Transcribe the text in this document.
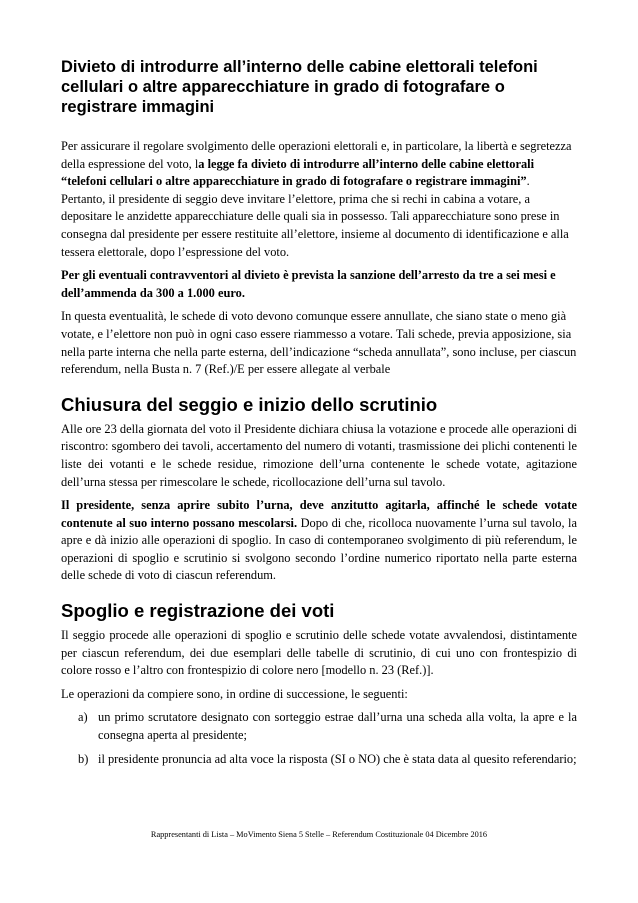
Divieto di introdurre all’interno delle cabine elettorali telefoni cellulari o altre apparecchiature in grado di fotografare o registrare immagini

Per assicurare il regolare svolgimento delle operazioni elettorali e, in particolare, la libertà e segretezza della espressione del voto, la legge fa divieto di introdurre all’interno delle cabine elettorali “telefoni cellulari o altre apparecchiature in grado di fotografare o registrare immagini”. Pertanto, il presidente di seggio deve invitare l’elettore, prima che si rechi in cabina a votare, a depositare le anzidette apparecchiature delle quali sia in possesso. Tali apparecchiature sono prese in consegna dal presidente per essere restituite all’elettore, insieme al documento di identificazione e alla tessera elettorale, dopo l’espressione del voto.

Per gli eventuali contravventori al divieto è prevista la sanzione dell’arresto da tre a sei mesi e dell’ammenda da 300 a 1.000 euro.

In questa eventualità, le schede di voto devono comunque essere annullate, che siano state o meno già votate, e l’elettore non può in ogni caso essere riammesso a votare. Tali schede, previa apposizione, sia nella parte interna che nella parte esterna, dell’indicazione “scheda annullata”, sono incluse, per ciascun referendum, nella Busta n. 7 (Ref.)/E per essere allegate al verbale

Chiusura del seggio e inizio dello scrutinio

Alle ore 23 della giornata del voto il Presidente dichiara chiusa la votazione e procede alle operazioni di riscontro: sgombero dei tavoli, accertamento del numero di votanti, trasmissione dei plichi contenenti le liste dei votanti e le schede residue, rimozione dell’urna contenente le schede votate, agitazione dell’urna stessa per rimescolare le schede, ricollocazione dell’urna sul tavolo.

Il presidente, senza aprire subito l’urna, deve anzitutto agitarla, affinché le schede votate contenute al suo interno possano mescolarsi. Dopo di che, ricolloca nuovamente l’urna sul tavolo, la apre e dà inizio alle operazioni di spoglio. In caso di contemporaneo svolgimento di più referendum, le operazioni di spoglio e scrutinio si svolgono secondo l’ordine numerico riportato nella parte esterna delle schede di voto di ciascun referendum.

Spoglio e registrazione dei voti

Il seggio procede alle operazioni di spoglio e scrutinio delle schede votate avvalendosi, distintamente per ciascun referendum, dei due esemplari delle tabelle di scrutinio, di cui uno con frontespizio di colore rosso e l’altro con frontespizio di colore nero [modello n. 23 (Ref.)].

Le operazioni da compiere sono, in ordine di successione, le seguenti:

a) un primo scrutatore designato con sorteggio estrae dall’urna una scheda alla volta, la apre e la consegna aperta al presidente;
b) il presidente pronuncia ad alta voce la risposta (SI o NO) che è stata data al quesito referendario;
Rappresentanti di Lista – MoVimento Siena 5 Stelle – Referendum Costituzionale 04 Dicembre 2016
